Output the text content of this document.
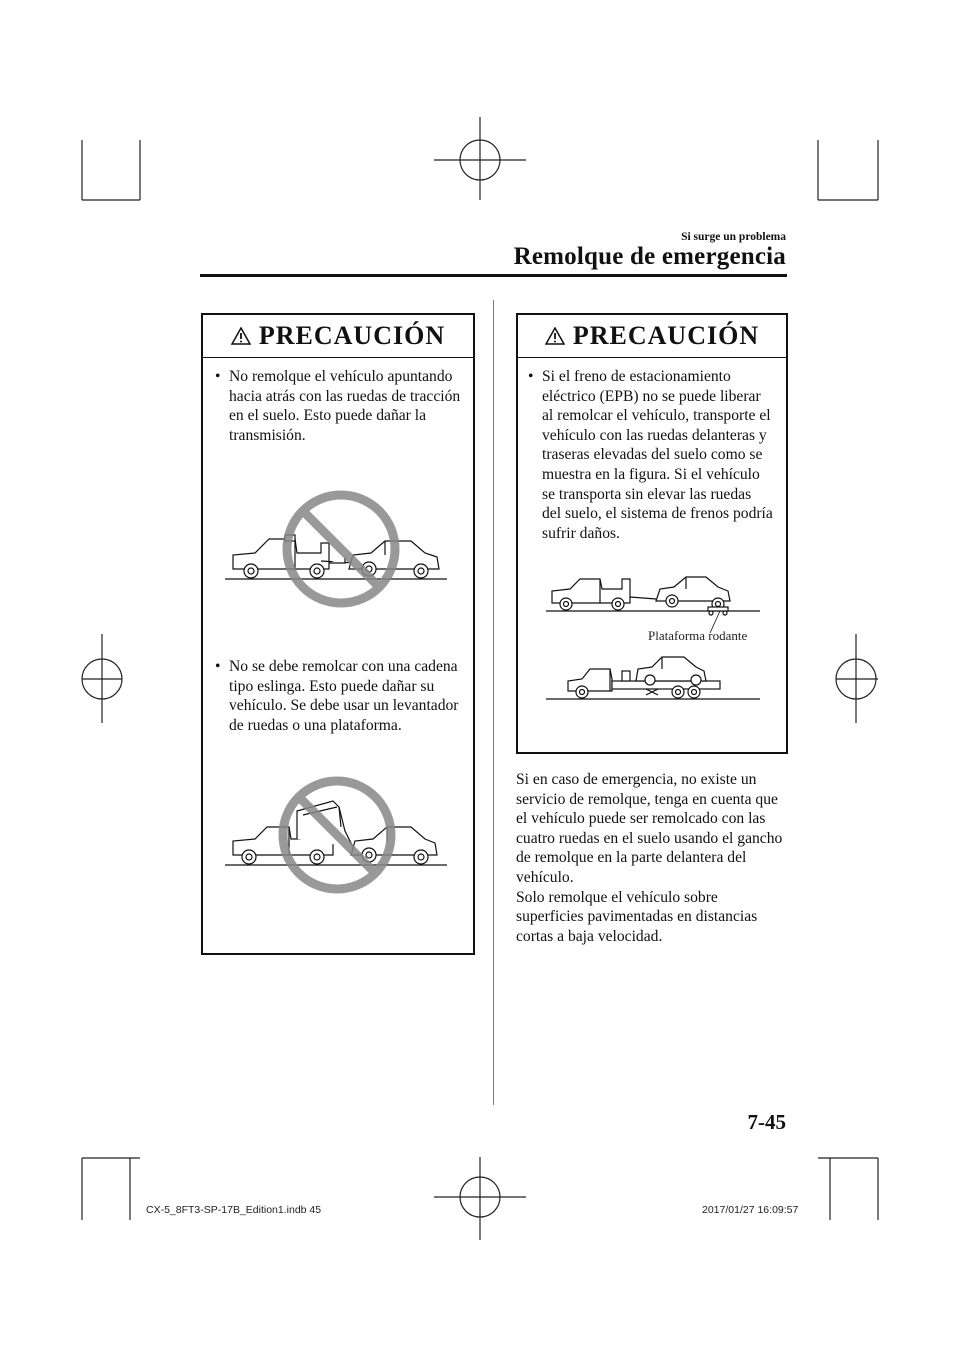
Si surge un problema
Remolque de emergencia
PRECAUCIÓN
• No remolque el vehículo apuntando

hacia atrás con las ruedas de tracción

en el suelo. Esto puede dañar la

transmisión.

• No se debe remolcar con una cadena

tipo eslinga. Esto puede dañar su

vehículo. Se debe usar un levantador

de ruedas o una plataforma.

PRECAUCIÓN
• Si el freno de estacionamiento

eléctrico (EPB) no se puede liberar

al remolcar el vehículo, transporte el

vehículo con las ruedas delanteras y

traseras elevadas del suelo como se

muestra en la figura. Si el vehículo

se transporta sin elevar las ruedas

del suelo, el sistema de frenos podría

sufrir daños.

Plataforma rodante

Si en caso de emergencia, no existe un

servicio de remolque, tenga en cuenta que

el vehículo puede ser remolcado con las

cuatro ruedas en el suelo usando el gancho

de remolque en la parte delantera del

vehículo.

Solo remolque el vehículo sobre

superficies pavimentadas en distancias

cortas a baja velocidad.

7-45
CX-5_8FT3-SP-17B_Edition1.indb 45	2017/01/27 16:09:57
